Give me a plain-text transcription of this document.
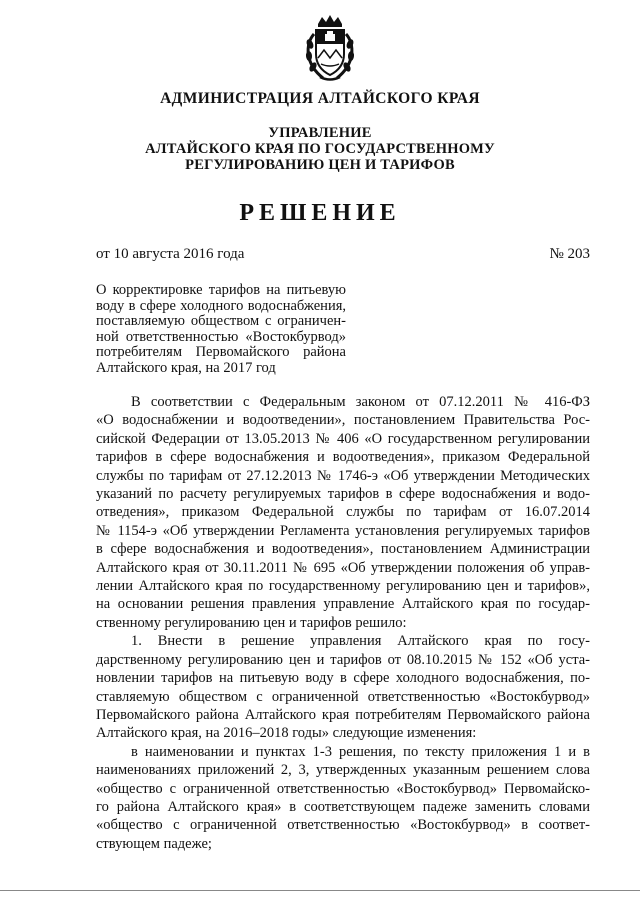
АДМИНИСТРАЦИЯ АЛТАЙСКОГО КРАЯ
УПРАВЛЕНИЕ
АЛТАЙСКОГО КРАЯ ПО ГОСУДАРСТВЕННОМУ
РЕГУЛИРОВАНИЮ ЦЕН И ТАРИФОВ
РЕШЕНИЕ
от 10 августа 2016 года	№ 203
О корректировке тарифов на питьевую
воду в сфере холодного водоснабжения,
поставляемую обществом с ограничен-
ной ответственностью «Востокбурвод»
потребителям Первомайского района
Алтайского края, на 2017 год
В соответствии с Федеральным законом от 07.12.2011 № 416-ФЗ
«О водоснабжении и водоотведении», постановлением Правительства Рос-
сийской Федерации от 13.05.2013 № 406 «О государственном регулировании
тарифов в сфере водоснабжения и водоотведения», приказом Федеральной
службы по тарифам от 27.12.2013 № 1746-э «Об утверждении Методических
указаний по расчету регулируемых тарифов в сфере водоснабжения и водо-
отведения», приказом Федеральной службы по тарифам от 16.07.2014
№ 1154-э «Об утверждении Регламента установления регулируемых тарифов
в сфере водоснабжения и водоотведения», постановлением Администрации
Алтайского края от 30.11.2011 № 695 «Об утверждении положения об управ-
лении Алтайского края по государственному регулированию цен и тарифов»,
на основании решения правления управление Алтайского края по государ-
ственному регулированию цен и тарифов решило:
1. Внести в решение управления Алтайского края по госу-
дарственному регулированию цен и тарифов от 08.10.2015 № 152 «Об уста-
новлении тарифов на питьевую воду в сфере холодного водоснабжения, по-
ставляемую обществом с ограниченной ответственностью «Востокбурвод»
Первомайского района Алтайского края потребителям Первомайского района
Алтайского края, на 2016–2018 годы» следующие изменения:
в наименовании и пунктах 1-3 решения, по тексту приложения 1 и в
наименованиях приложений 2, 3, утвержденных указанным решением слова
«общество с ограниченной ответственностью «Востокбурвод» Первомайско-
го района Алтайского края» в соответствующем падеже заменить словами
«общество с ограниченной ответственностью «Востокбурвод» в соответ-
ствующем падеже;
